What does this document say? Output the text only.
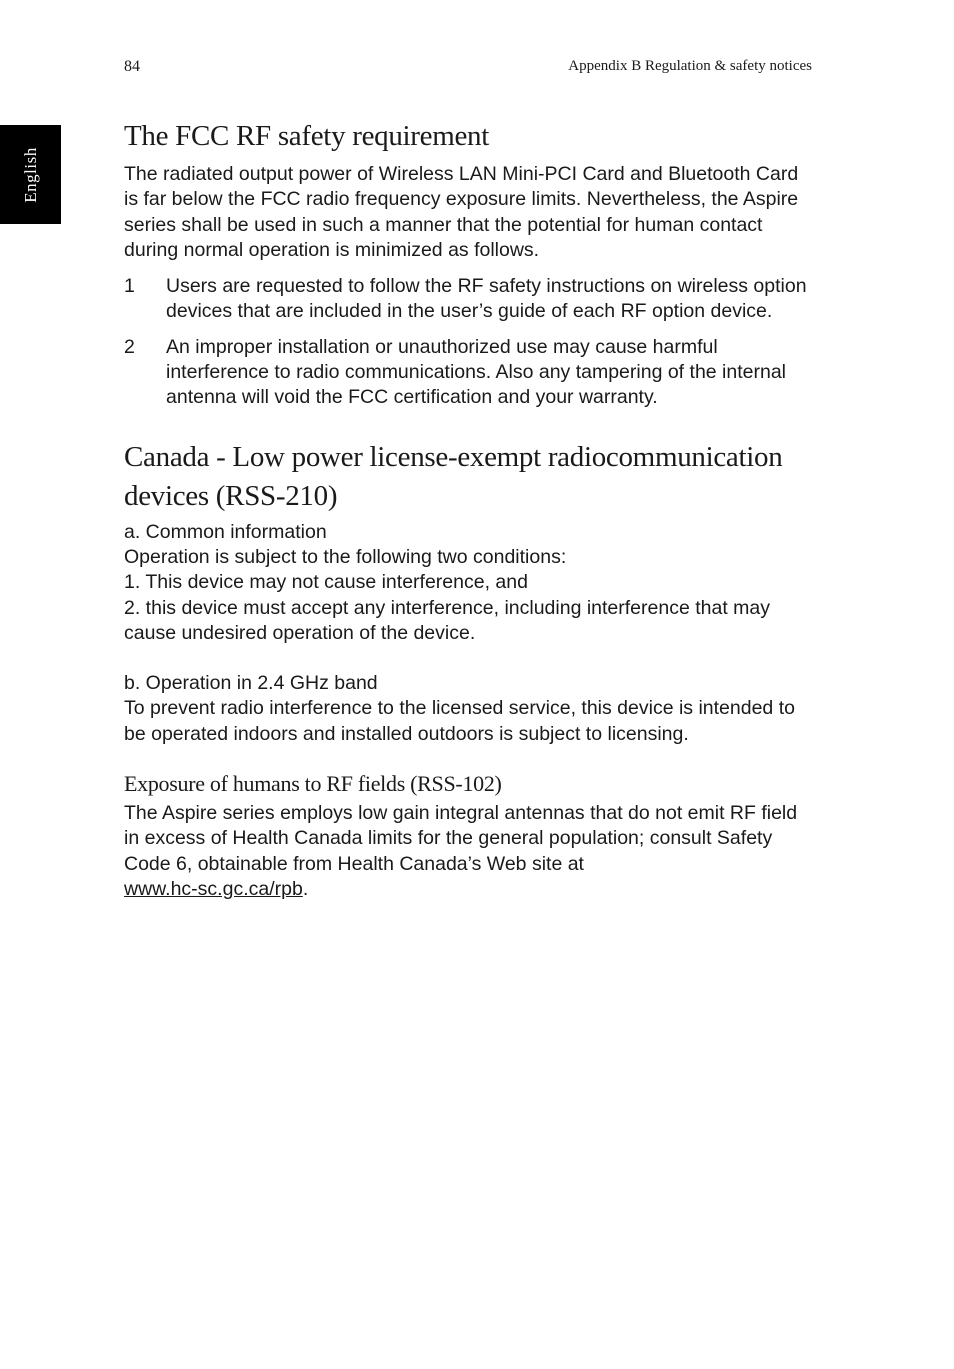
84	Appendix B Regulation & safety notices
English
The FCC RF safety requirement

The radiated output power of Wireless LAN Mini-PCI Card and Bluetooth Card is far below the FCC radio frequency exposure limits. Nevertheless, the Aspire series shall be used in such a manner that the potential for human contact during normal operation is minimized as follows.

1 Users are requested to follow the RF safety instructions on wireless option devices that are included in the user’s guide of each RF option device.
2 An improper installation or unauthorized use may cause harmful interference to radio communications. Also any tampering of the internal antenna will void the FCC certification and your warranty.
Canada - Low power license-exempt radiocommunication devices (RSS-210)

a. Common information

Operation is subject to the following two conditions:

1. This device may not cause interference, and

2. this device must accept any interference, including interference that may cause undesired operation of the device.

b. Operation in 2.4 GHz band

To prevent radio interference to the licensed service, this device is intended to be operated indoors and installed outdoors is subject to licensing.

Exposure of humans to RF fields (RSS-102)

The Aspire series employs low gain integral antennas that do not emit RF field in excess of Health Canada limits for the general population; consult Safety Code 6, obtainable from Health Canada’s Web site at
www.hc-sc.gc.ca/rpb.
